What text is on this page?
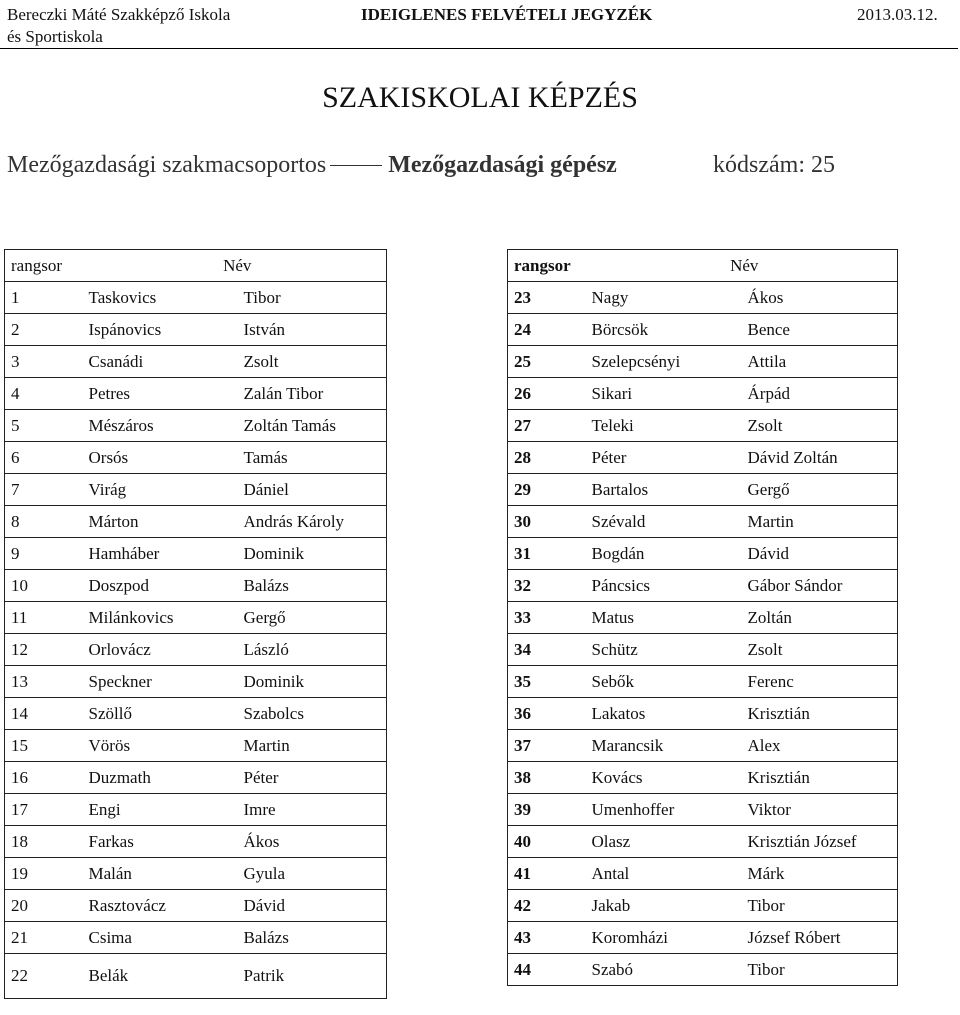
Bereczki Máté Szakképző Iskola
és Sportiskola
IDEIGLENES FELVÉTELI JEGYZÉK	2013.03.12.
SZAKISKOLAI KÉPZÉS
Mezőgazdasági szakmacsoportos	Mezőgazdasági gépész	kódszám: 25
rangsor	Név	
1	Taskovics	Tibor
2	Ispánovics	István
3	Csanádi	Zsolt
4	Petres	Zalán Tibor
5	Mészáros	Zoltán Tamás
6	Orsós	Tamás
7	Virág	Dániel
8	Márton	András Károly
9	Hamháber	Dominik
10	Doszpod	Balázs
11	Milánkovics	Gergő
12	Orlovácz	László
13	Speckner	Dominik
14	Szöllő	Szabolcs
15	Vörös	Martin
16	Duzmath	Péter
17	Engi	Imre
18	Farkas	Ákos
19	Malán	Gyula
20	Rasztovácz	Dávid
21	Csima	Balázs
22	Belák	Patrik
rangsor	Név	
23	Nagy	Ákos
24	Börcsök	Bence
25	Szelepcsényi	Attila
26	Sikari	Árpád
27	Teleki	Zsolt
28	Péter	Dávid Zoltán
29	Bartalos	Gergő
30	Szévald	Martin
31	Bogdán	Dávid
32	Páncsics	Gábor Sándor
33	Matus	Zoltán
34	Schütz	Zsolt
35	Sebők	Ferenc
36	Lakatos	Krisztián
37	Marancsik	Alex
38	Kovács	Krisztián
39	Umenhoffer	Viktor
40	Olasz	Krisztián József
41	Antal	Márk
42	Jakab	Tibor
43	Koromházi	József Róbert
44	Szabó	Tibor
